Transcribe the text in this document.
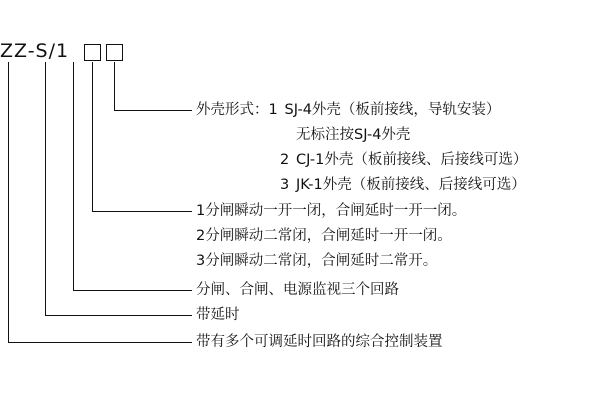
ZZ-S/1
外壳形式：1 SJ-4外壳（板前接线，导轨安装）
无标注按SJ-4外壳
2 CJ-1外壳（板前接线、后接线可选）
3 JK-1外壳（板前接线、后接线可选）
1分闸瞬动一开一闭，合闸延时一开一闭。
2分闸瞬动二常闭，合闸延时一开一闭。
3分闸瞬动二常闭，合闸延时二常开。
分闸、合闸、电源监视三个回路
带延时
带有多个可调延时回路的综合控制装置
